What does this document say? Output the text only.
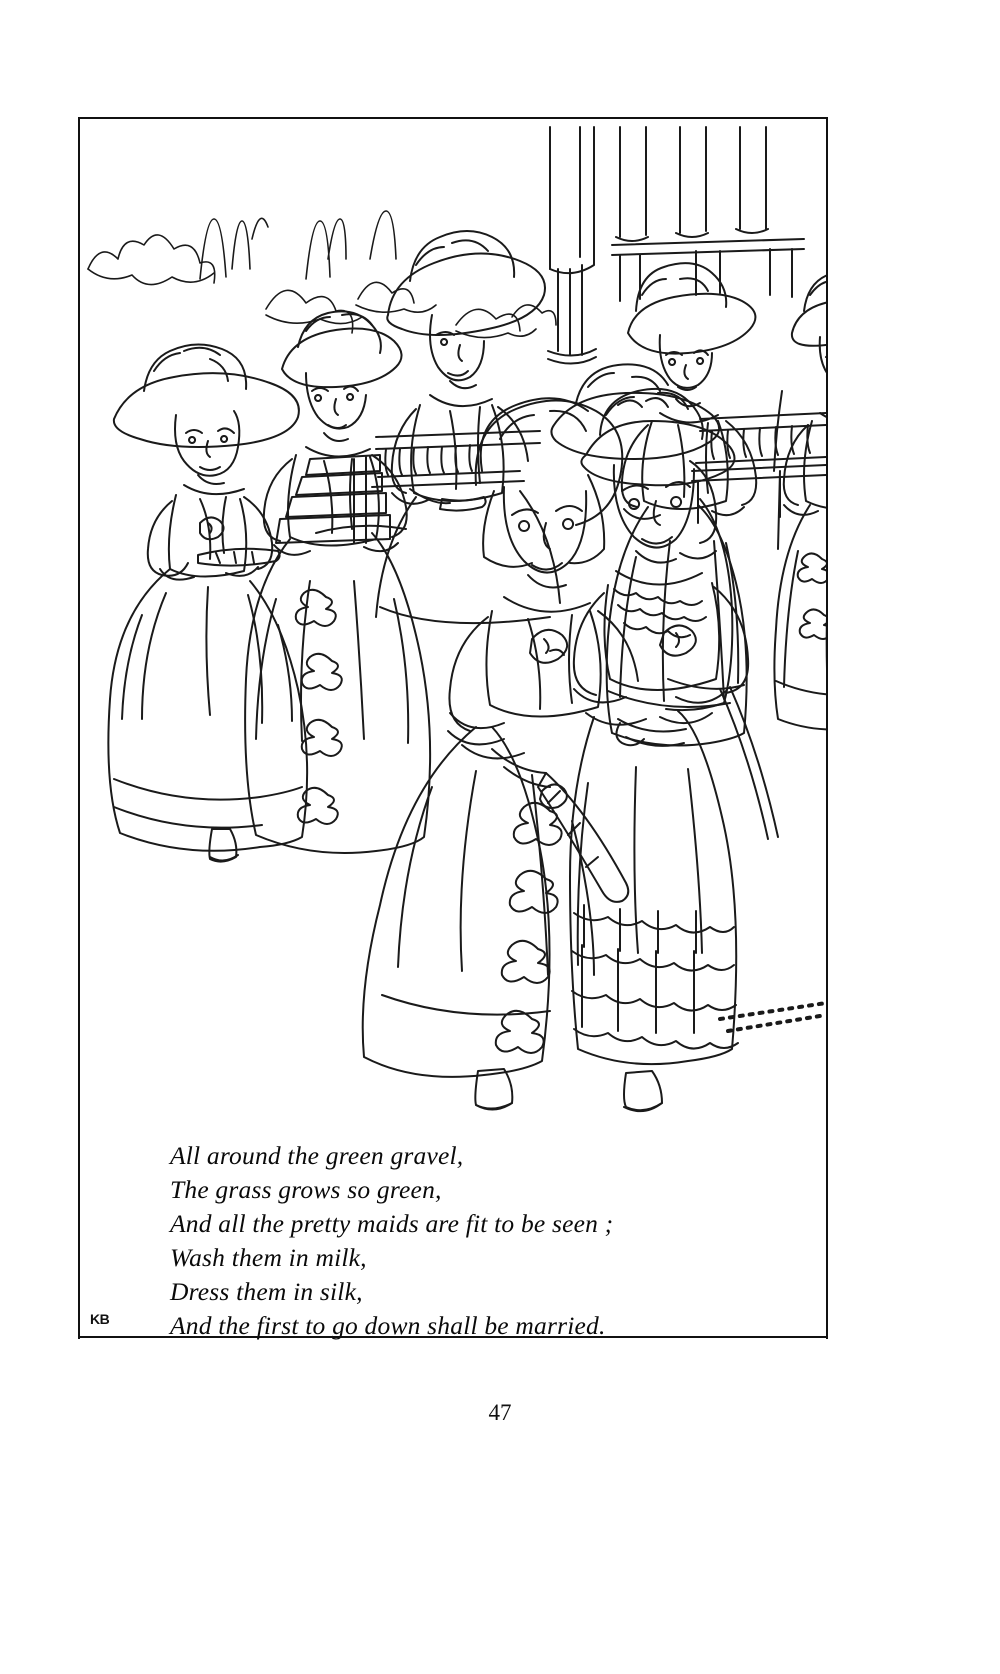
All around the green gravel,
The grass grows so green,
And all the pretty maids are fit to be seen ;
Wash them in milk,
Dress them in silk,
And the first to go down shall be married.
KB
47
